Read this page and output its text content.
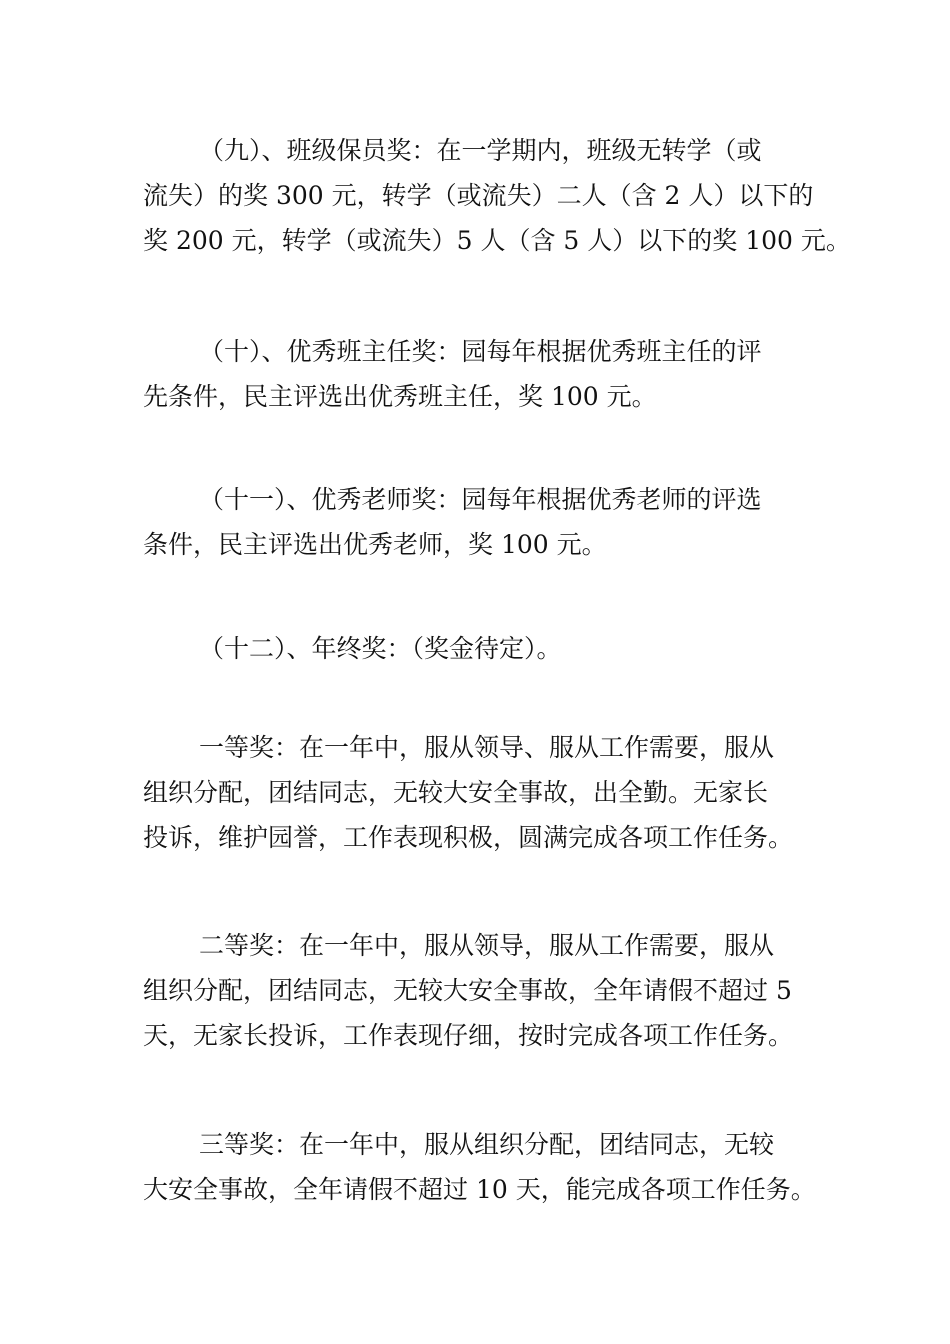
（九）、班级保员奖：在一学期内，班级无转学（或
流失）的奖 300 元，转学（或流失）二人（含 2 人）以下的
奖 200 元，转学（或流失）5 人（含 5 人）以下的奖 100 元。

（十）、优秀班主任奖：园每年根据优秀班主任的评
先条件，民主评选出优秀班主任，奖 100 元。

（十一）、优秀老师奖：园每年根据优秀老师的评选
条件，民主评选出优秀老师，奖 100 元。

（十二）、年终奖：（奖金待定）。

一等奖：在一年中，服从领导、服从工作需要，服从
组织分配，团结同志，无较大安全事故，出全勤。无家长
投诉，维护园誉，工作表现积极，圆满完成各项工作任务。

二等奖：在一年中，服从领导，服从工作需要，服从
组织分配，团结同志，无较大安全事故，全年请假不超过 5
天，无家长投诉，工作表现仔细，按时完成各项工作任务。

三等奖：在一年中，服从组织分配，团结同志，无较
大安全事故，全年请假不超过 10 天，能完成各项工作任务。
